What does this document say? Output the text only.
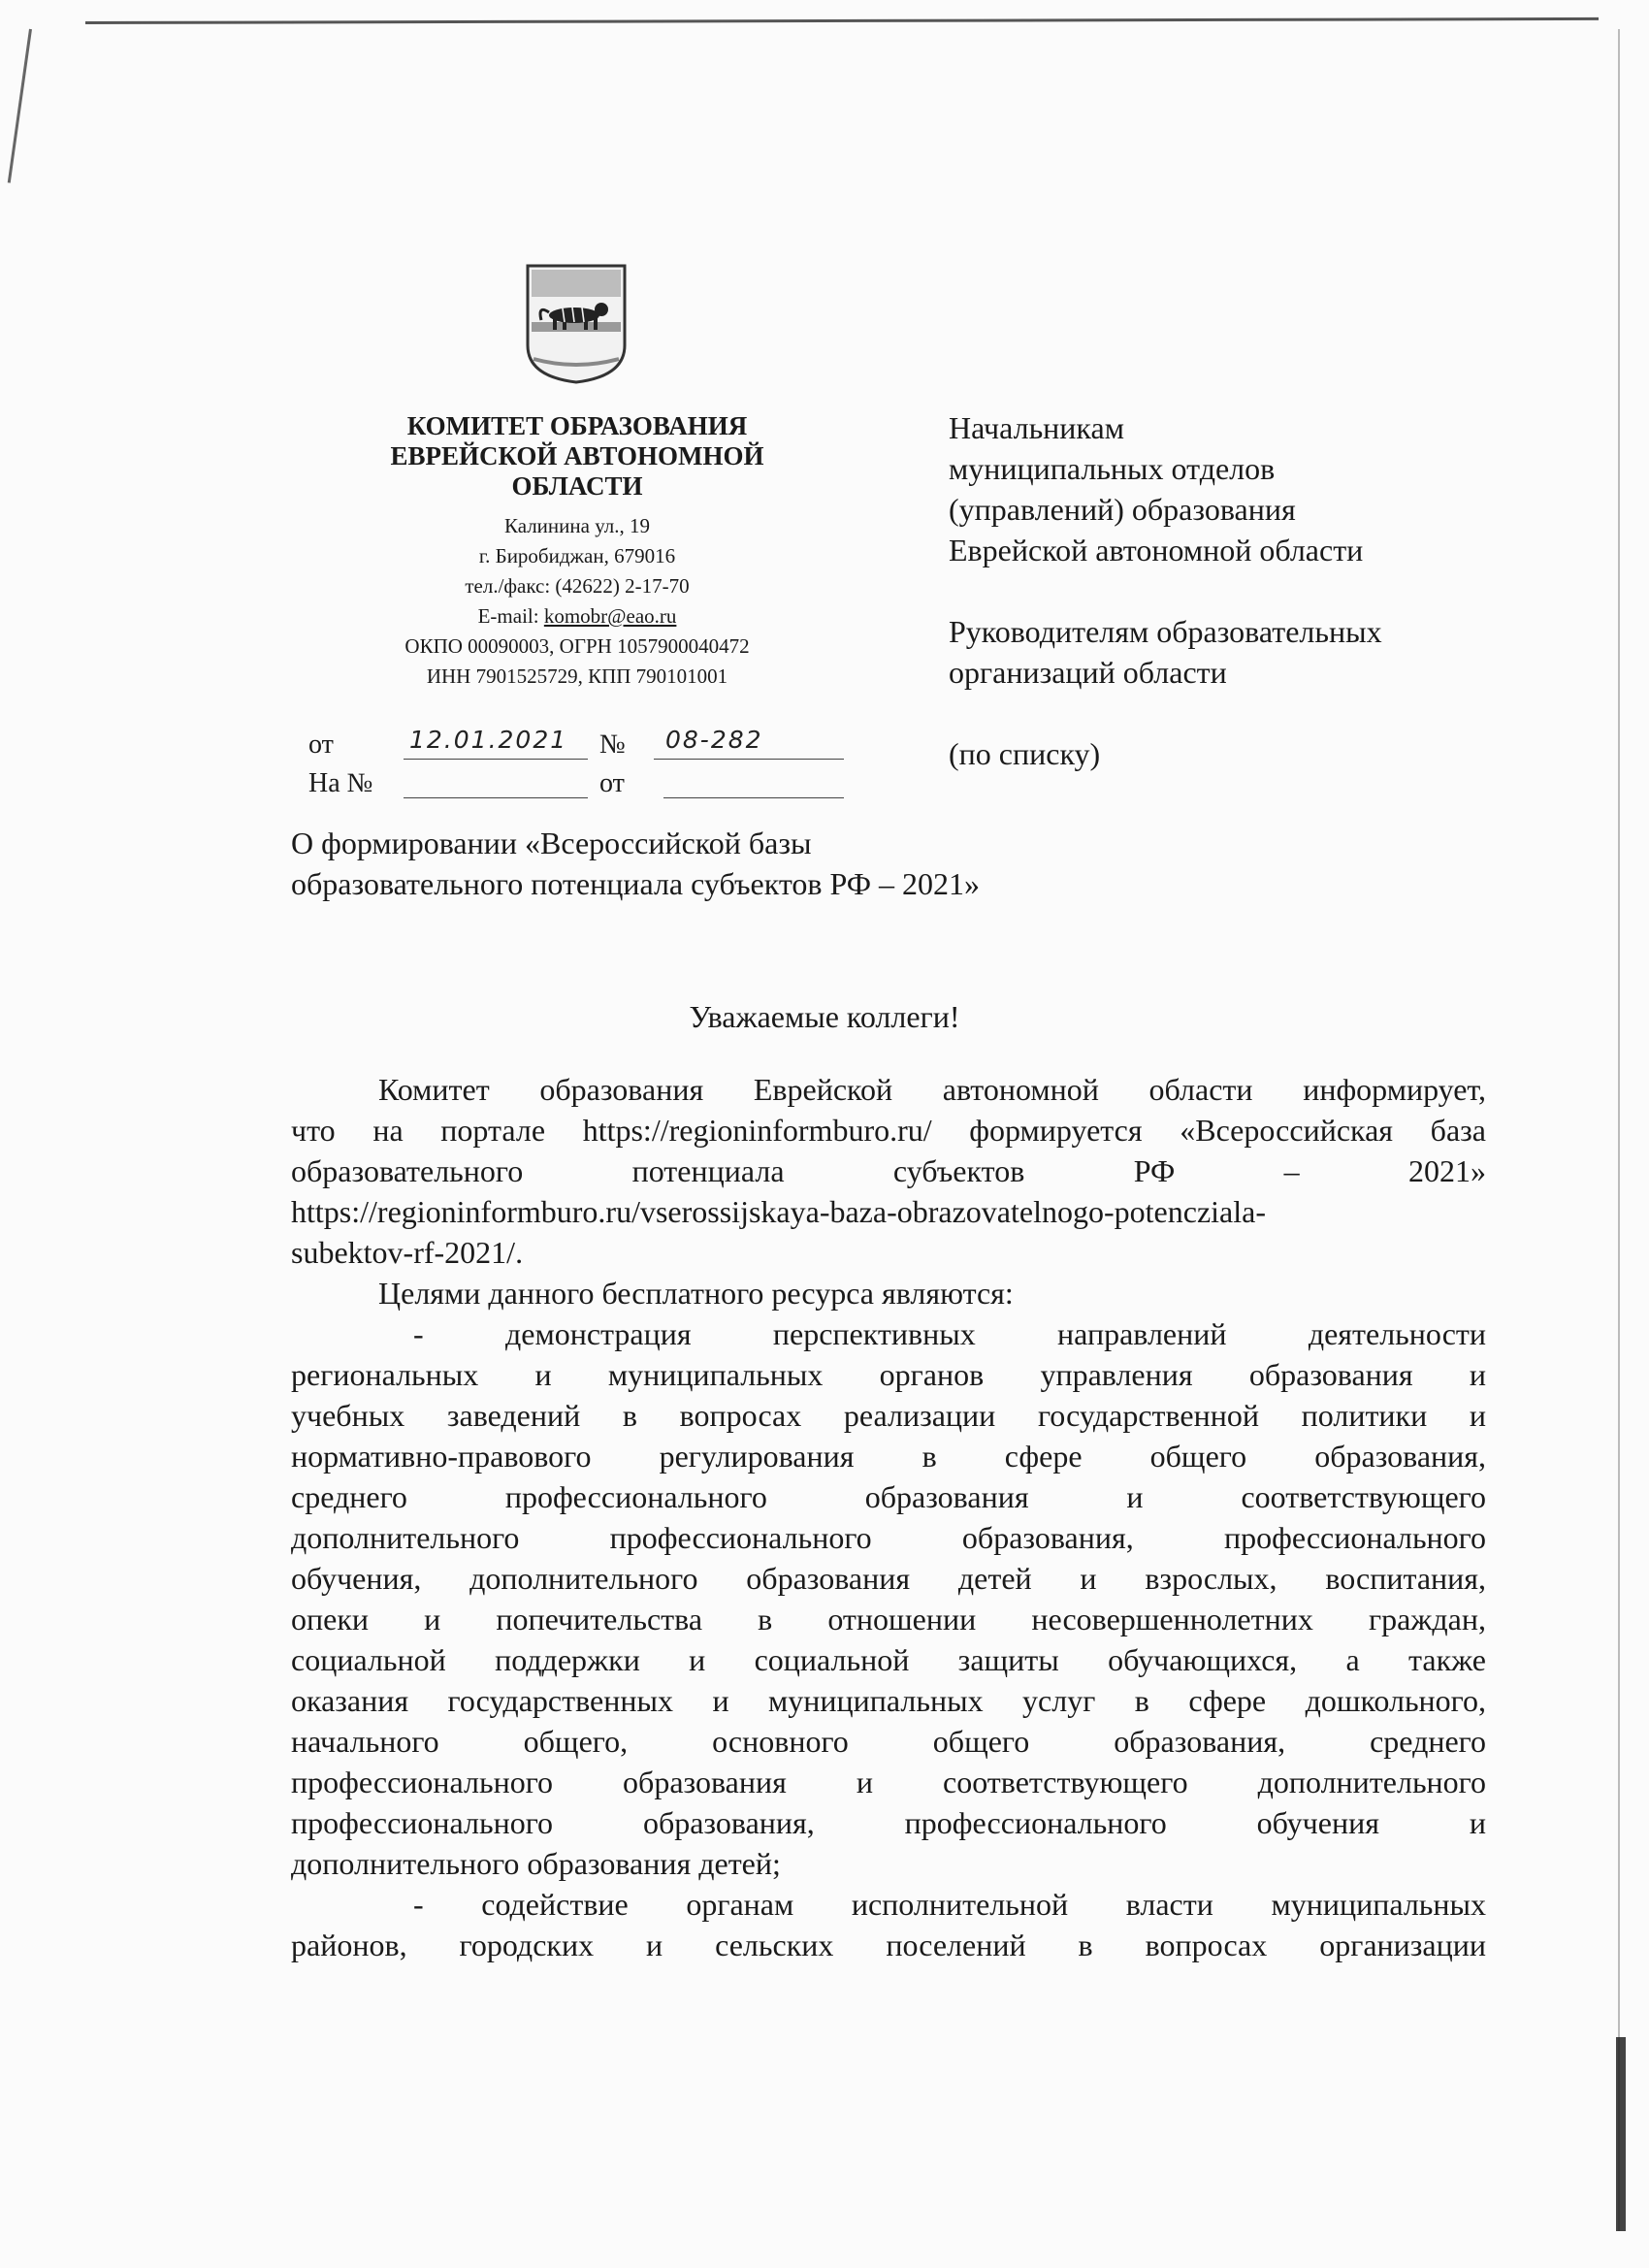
КОМИТЕТ ОБРАЗОВАНИЯ
ЕВРЕЙСКОЙ АВТОНОМНОЙ
ОБЛАСТИ
Калинина ул., 19
г. Биробиджан, 679016
тел./факс: (42622) 2-17-70
E-mail: komobr@eao.ru
ОКПО 00090003, ОГРН 1057900040472
ИНН 7901525729, КПП 790101001
от	12.01.2021 № 08-282
На №	от
Начальникам
муниципальных отделов
(управлений) образования
Еврейской автономной области
Руководителям образовательных
организаций области
(по списку)
О формировании «Всероссийской базы
образовательного потенциала субъектов РФ – 2021»
Уважаемые коллеги!
Комитет образования Еврейской автономной области информирует,
что на портале https://regioninformburo.ru/ формируется «Всероссийская база
образовательного потенциала субъектов РФ – 2021»
https://regioninformburo.ru/vserossijskaya-baza-obrazovatelnogo-potenczialа-
subektov-rf-2021/.
Целями данного бесплатного ресурса являются:
- демонстрация перспективных направлений деятельности
региональных и муниципальных органов управления образования и
учебных заведений в вопросах реализации государственной политики и
нормативно-правового регулирования в сфере общего образования,
среднего профессионального образования и соответствующего
дополнительного профессионального образования, профессионального
обучения, дополнительного образования детей и взрослых, воспитания,
опеки и попечительства в отношении несовершеннолетних граждан,
социальной поддержки и социальной защиты обучающихся, а также
оказания государственных и муниципальных услуг в сфере дошкольного,
начального общего, основного общего образования, среднего
профессионального образования и соответствующего дополнительного
профессионального образования, профессионального обучения и
дополнительного образования детей;
- содействие органам исполнительной власти муниципальных
районов, городских и сельских поселений в вопросах организации
